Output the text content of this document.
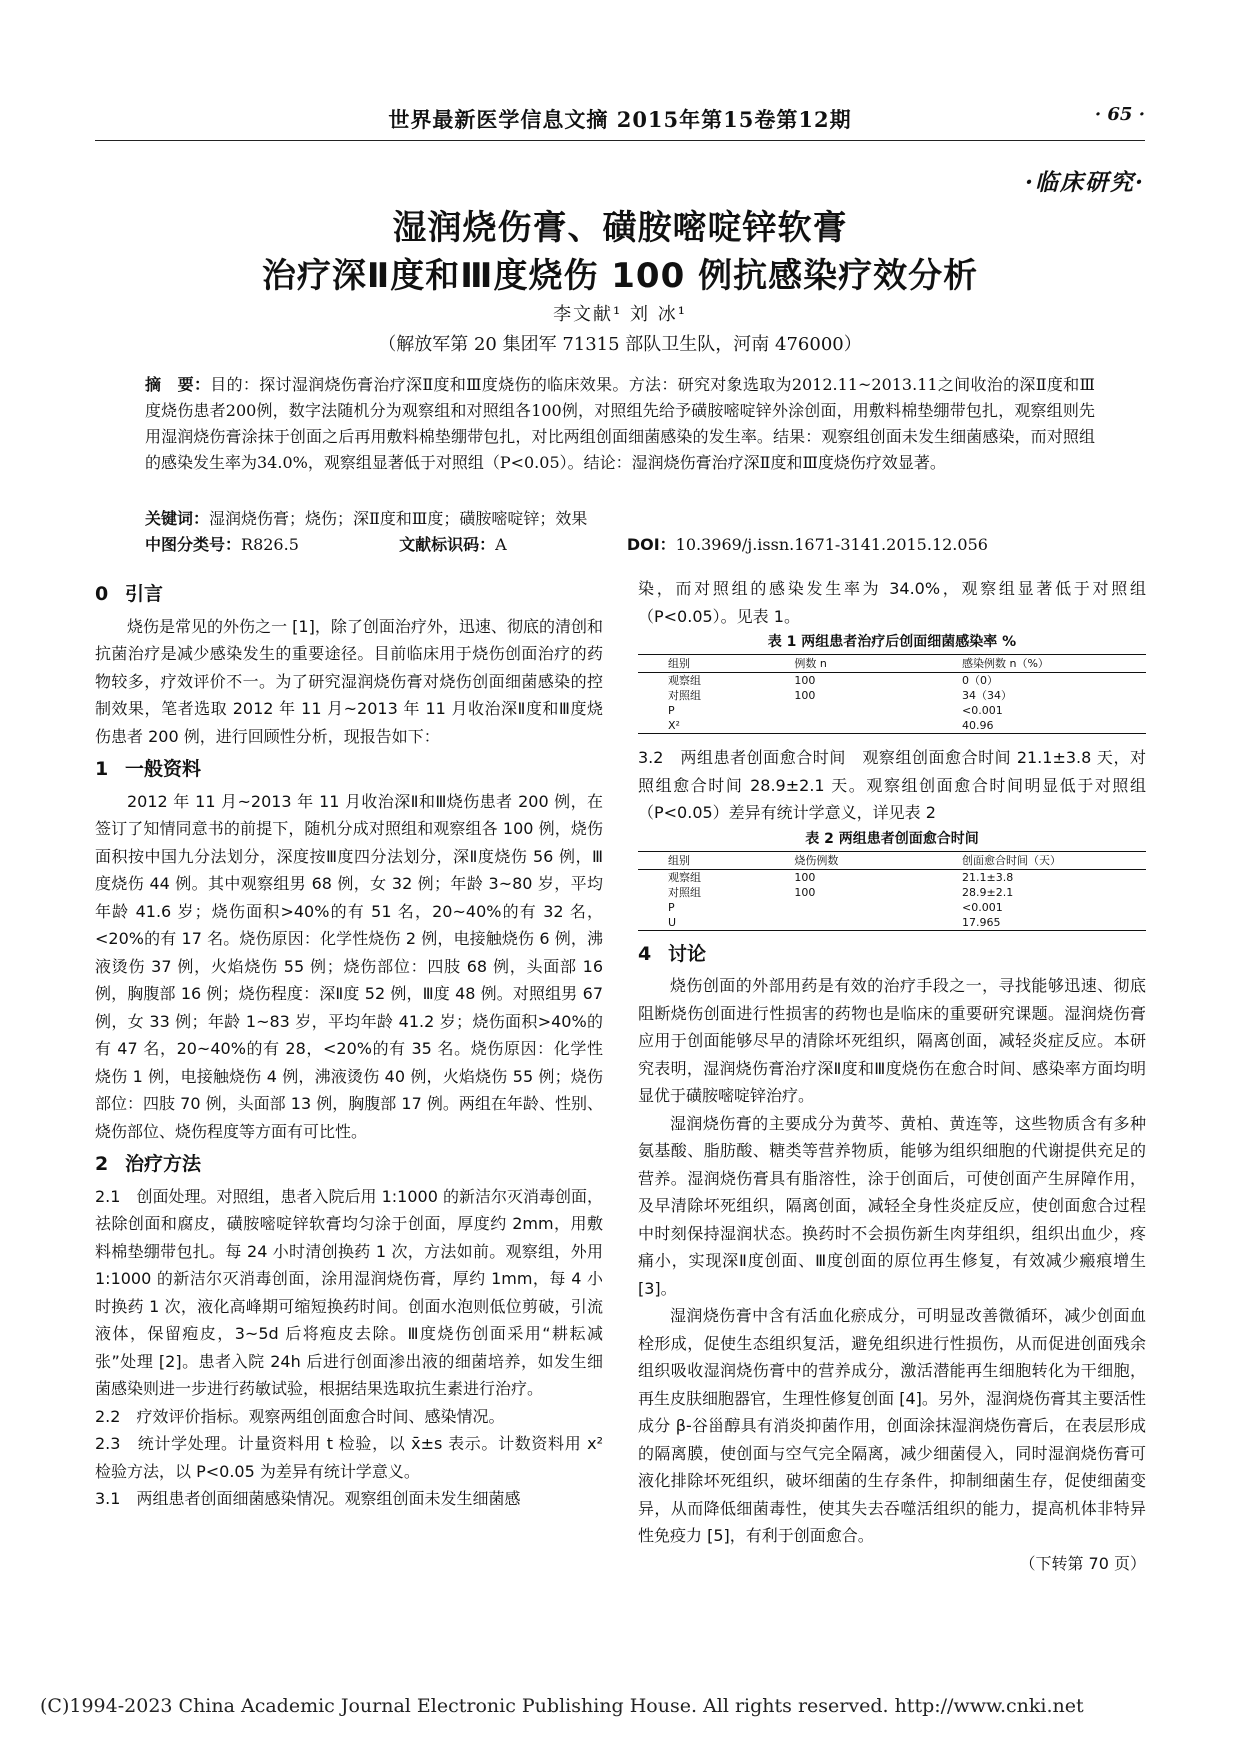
世界最新医学信息文摘 2015年第15卷第12期	· 65 ·
·临床研究·
湿润烧伤膏、磺胺嘧啶锌软膏
治疗深Ⅱ度和Ⅲ度烧伤 100 例抗感染疗效分析
李文献¹ 刘 冰¹
（解放军第 20 集团军 71315 部队卫生队，河南 476000）
摘　要：目的：探讨湿润烧伤膏治疗深Ⅱ度和Ⅲ度烧伤的临床效果。方法：研究对象选取为2012.11~2013.11之间收治的深Ⅱ度和Ⅲ度烧伤患者200例，数字法随机分为观察组和对照组各100例，对照组先给予磺胺嘧啶锌外涂创面，用敷料棉垫绷带包扎，观察组则先用湿润烧伤膏涂抹于创面之后再用敷料棉垫绷带包扎，对比两组创面细菌感染的发生率。结果：观察组创面未发生细菌感染，而对照组的感染发生率为34.0%，观察组显著低于对照组（P<0.05）。结论：湿润烧伤膏治疗深Ⅱ度和Ⅲ度烧伤疗效显著。
关键词：湿润烧伤膏；烧伤；深Ⅱ度和Ⅲ度；磺胺嘧啶锌；效果
中图分类号：R826.5	文献标识码：A	DOI：10.3969/j.issn.1671-3141.2015.12.056
0 引言

烧伤是常见的外伤之一 [1]，除了创面治疗外，迅速、彻底的清创和抗菌治疗是减少感染发生的重要途径。目前临床用于烧伤创面治疗的药物较多，疗效评价不一。为了研究湿润烧伤膏对烧伤创面细菌感染的控制效果，笔者选取 2012 年 11 月~2013 年 11 月收治深Ⅱ度和Ⅲ度烧伤患者 200 例，进行回顾性分析，现报告如下：

1 一般资料

2012 年 11 月~2013 年 11 月收治深Ⅱ和Ⅲ烧伤患者 200 例，在签订了知情同意书的前提下，随机分成对照组和观察组各 100 例，烧伤面积按中国九分法划分，深度按Ⅲ度四分法划分，深Ⅱ度烧伤 56 例，Ⅲ度烧伤 44 例。其中观察组男 68 例，女 32 例；年龄 3~80 岁，平均年龄 41.6 岁；烧伤面积>40%的有 51 名，20~40%的有 32 名，<20%的有 17 名。烧伤原因：化学性烧伤 2 例，电接触烧伤 6 例，沸液烫伤 37 例，火焰烧伤 55 例；烧伤部位：四肢 68 例，头面部 16 例，胸腹部 16 例；烧伤程度：深Ⅱ度 52 例，Ⅲ度 48 例。对照组男 67 例，女 33 例；年龄 1~83 岁，平均年龄 41.2 岁；烧伤面积>40%的有 47 名，20~40%的有 28，<20%的有 35 名。烧伤原因：化学性烧伤 1 例，电接触烧伤 4 例，沸液烫伤 40 例，火焰烧伤 55 例；烧伤部位：四肢 70 例，头面部 13 例，胸腹部 17 例。两组在年龄、性别、烧伤部位、烧伤程度等方面有可比性。

2 治疗方法

2.1　创面处理。对照组，患者入院后用 1:1000 的新洁尔灭消毒创面，祛除创面和腐皮，磺胺嘧啶锌软膏均匀涂于创面，厚度约 2mm，用敷料棉垫绷带包扎。每 24 小时清创换药 1 次，方法如前。观察组，外用 1:1000 的新洁尔灭消毒创面，涂用湿润烧伤膏，厚约 1mm，每 4 小时换药 1 次，液化高峰期可缩短换药时间。创面水泡则低位剪破，引流液体，保留疱皮，3~5d 后将疱皮去除。Ⅲ度烧伤创面采用“耕耘减张”处理 [2]。患者入院 24h 后进行创面渗出液的细菌培养，如发生细菌感染则进一步进行药敏试验，根据结果选取抗生素进行治疗。

2.2　疗效评价指标。观察两组创面愈合时间、感染情况。

2.3　统计学处理。计量资料用 t 检验，以 x̄±s 表示。计数资料用 x² 检验方法，以 P<0.05 为差异有统计学意义。

3.1　两组患者创面细菌感染情况。观察组创面未发生细菌感

染，而对照组的感染发生率为 34.0%，观察组显著低于对照组（P<0.05）。见表 1。

表 1 两组患者治疗后创面细菌感染率 %
组别	例数 n	感染例数 n（%）
观察组	100	0（0）
对照组	100	34（34）
P		<0.001
X²		40.96

3.2　两组患者创面愈合时间　观察组创面愈合时间 21.1±3.8 天，对照组愈合时间 28.9±2.1 天。观察组创面愈合时间明显低于对照组（P<0.05）差异有统计学意义，详见表 2

表 2 两组患者创面愈合时间
组别	烧伤例数	创面愈合时间（天）
观察组	100	21.1±3.8
对照组	100	28.9±2.1
P		<0.001
U		17.965
4 讨论

烧伤创面的外部用药是有效的治疗手段之一，寻找能够迅速、彻底阻断烧伤创面进行性损害的药物也是临床的重要研究课题。湿润烧伤膏应用于创面能够尽早的清除坏死组织，隔离创面，减轻炎症反应。本研究表明，湿润烧伤膏治疗深Ⅱ度和Ⅲ度烧伤在愈合时间、感染率方面均明显优于磺胺嘧啶锌治疗。

湿润烧伤膏的主要成分为黄芩、黄柏、黄连等，这些物质含有多种氨基酸、脂肪酸、糖类等营养物质，能够为组织细胞的代谢提供充足的营养。湿润烧伤膏具有脂溶性，涂于创面后，可使创面产生屏障作用，及早清除坏死组织，隔离创面，减轻全身性炎症反应，使创面愈合过程中时刻保持湿润状态。换药时不会损伤新生肉芽组织，组织出血少，疼痛小，实现深Ⅱ度创面、Ⅲ度创面的原位再生修复，有效减少瘢痕增生 [3]。

湿润烧伤膏中含有活血化瘀成分，可明显改善微循环，减少创面血栓形成，促使生态组织复活，避免组织进行性损伤，从而促进创面残余组织吸收湿润烧伤膏中的营养成分，激活潜能再生细胞转化为干细胞，再生皮肤细胞器官，生理性修复创面 [4]。另外，湿润烧伤膏其主要活性成分 β-谷甾醇具有消炎抑菌作用，创面涂抹湿润烧伤膏后，在表层形成的隔离膜，使创面与空气完全隔离，减少细菌侵入，同时湿润烧伤膏可液化排除坏死组织，破坏细菌的生存条件，抑制细菌生存，促使细菌变异，从而降低细菌毒性，使其失去吞噬活组织的能力，提高机体非特异性免疫力 [5]，有利于创面愈合。

（下转第 70 页）
(C)1994-2023 China Academic Journal Electronic Publishing House. All rights reserved. http://www.cnki.net
